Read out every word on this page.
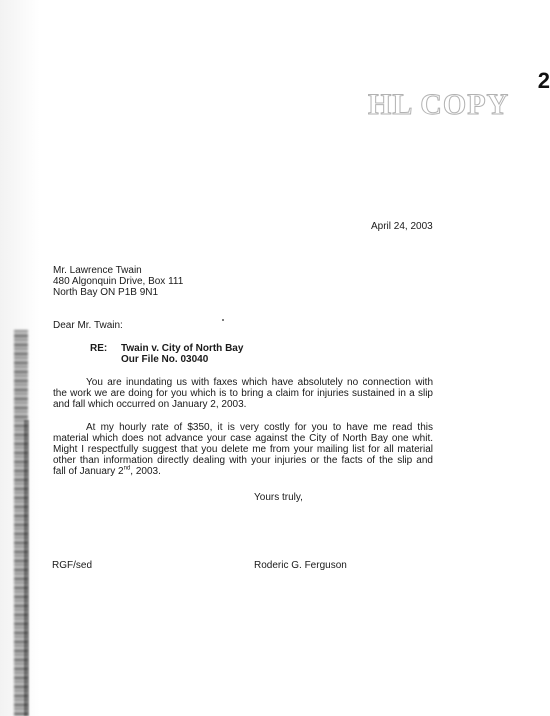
2
HL COPY
April 24, 2003
Mr. Lawrence Twain
480 Algonquin Drive, Box 111
North Bay ON P1B 9N1
Dear Mr. Twain:
RE: Twain v. City of North Bay
Our File No. 03040
You are inundating us with faxes which have absolutely no connection with
the work we are doing for you which is to bring a claim for injuries sustained in a slip
and fall which occurred on January 2, 2003.
At my hourly rate of $350, it is very costly for you to have me read this
material which does not advance your case against the City of North Bay one whit.
Might I respectfully suggest that you delete me from your mailing list for all material
other than information directly dealing with your injuries or the facts of the slip and
fall of January 2nd, 2003.
Yours truly,
RGF/sed	Roderic G. Ferguson
